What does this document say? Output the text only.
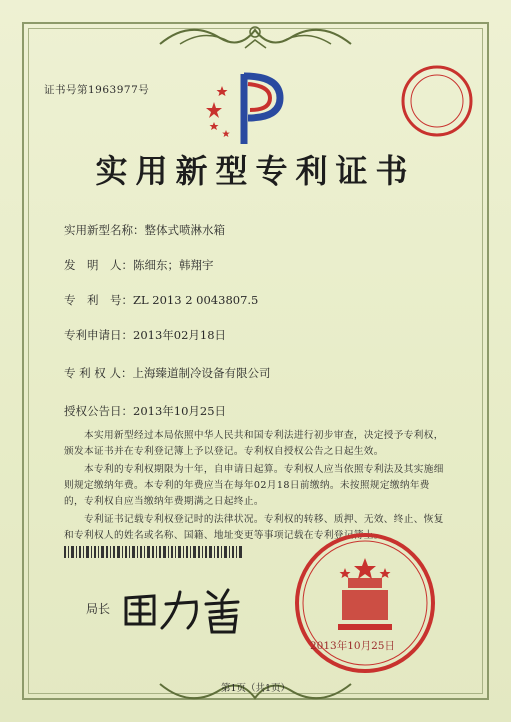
证书号第1963977号
实用新型专利证书
实用新型名称：整体式喷淋水箱
发　明　人：陈细东；韩翔宇
专　利　号：ZL 2013 2 0043807.5
专利申请日：2013年02月18日
专 利 权 人：上海臻道制冷设备有限公司
授权公告日：2013年10月25日
本实用新型经过本局依照中华人民共和国专利法进行初步审查，决定授予专利权，颁发本证书并在专利登记簿上予以登记。专利权自授权公告之日起生效。
本专利的专利权期限为十年，自申请日起算。专利权人应当依照专利法及其实施细则规定缴纳年费。本专利的年费应当在每年02月18日前缴纳。未按照规定缴纳年费的，专利权自应当缴纳年费期满之日起终止。
专利证书记载专利权登记时的法律状况。专利权的转移、质押、无效、终止、恢复和专利权人的姓名或名称、国籍、地址变更等事项记载在专利登记簿上。
局长
2013年10月25日
第1页（共1页）
